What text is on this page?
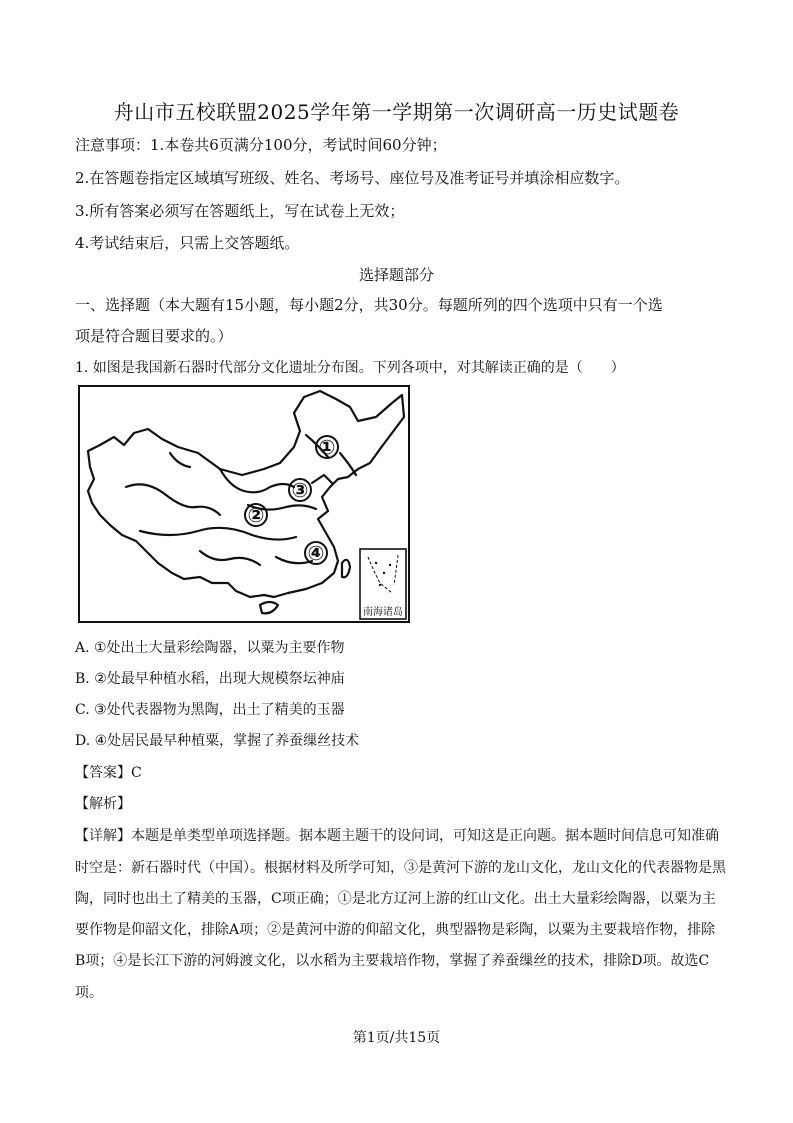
舟山市五校联盟2025学年第一学期第一次调研高一历史试题卷
注意事项：1.本卷共6页满分100分，考试时间60分钟；
2.在答题卷指定区域填写班级、姓名、考场号、座位号及准考证号并填涂相应数字。
3.所有答案必须写在答题纸上，写在试卷上无效；
4.考试结束后，只需上交答题纸。
选择题部分
一、选择题（本大题有15小题，每小题2分，共30分。每题所列的四个选项中只有一个选
项是符合题目要求的。）
1. 如图是我国新石器时代部分文化遗址分布图。下列各项中，对其解读正确的是（　　）
南海诸岛
①
③
②
④
A. ①处出土大量彩绘陶器，以粟为主要作物
B. ②处最早种植水稻，出现大规模祭坛神庙
C. ③处代表器物为黑陶，出土了精美的玉器
D. ④处居民最早种植粟，掌握了养蚕缫丝技术
【答案】C
【解析】
【详解】本题是单类型单项选择题。据本题主题干的设问词，可知这是正向题。据本题时间信息可知准确
时空是：新石器时代（中国）。根据材料及所学可知，③是黄河下游的龙山文化，龙山文化的代表器物是黑
陶，同时也出土了精美的玉器，C项正确；①是北方辽河上游的红山文化。出土大量彩绘陶器，以粟为主
要作物是仰韶文化，排除A项；②是黄河中游的仰韶文化，典型器物是彩陶，以粟为主要栽培作物，排除
B项；④是长江下游的河姆渡文化，以水稻为主要栽培作物，掌握了养蚕缫丝的技术，排除D项。故选C
项。
第1页/共15页
